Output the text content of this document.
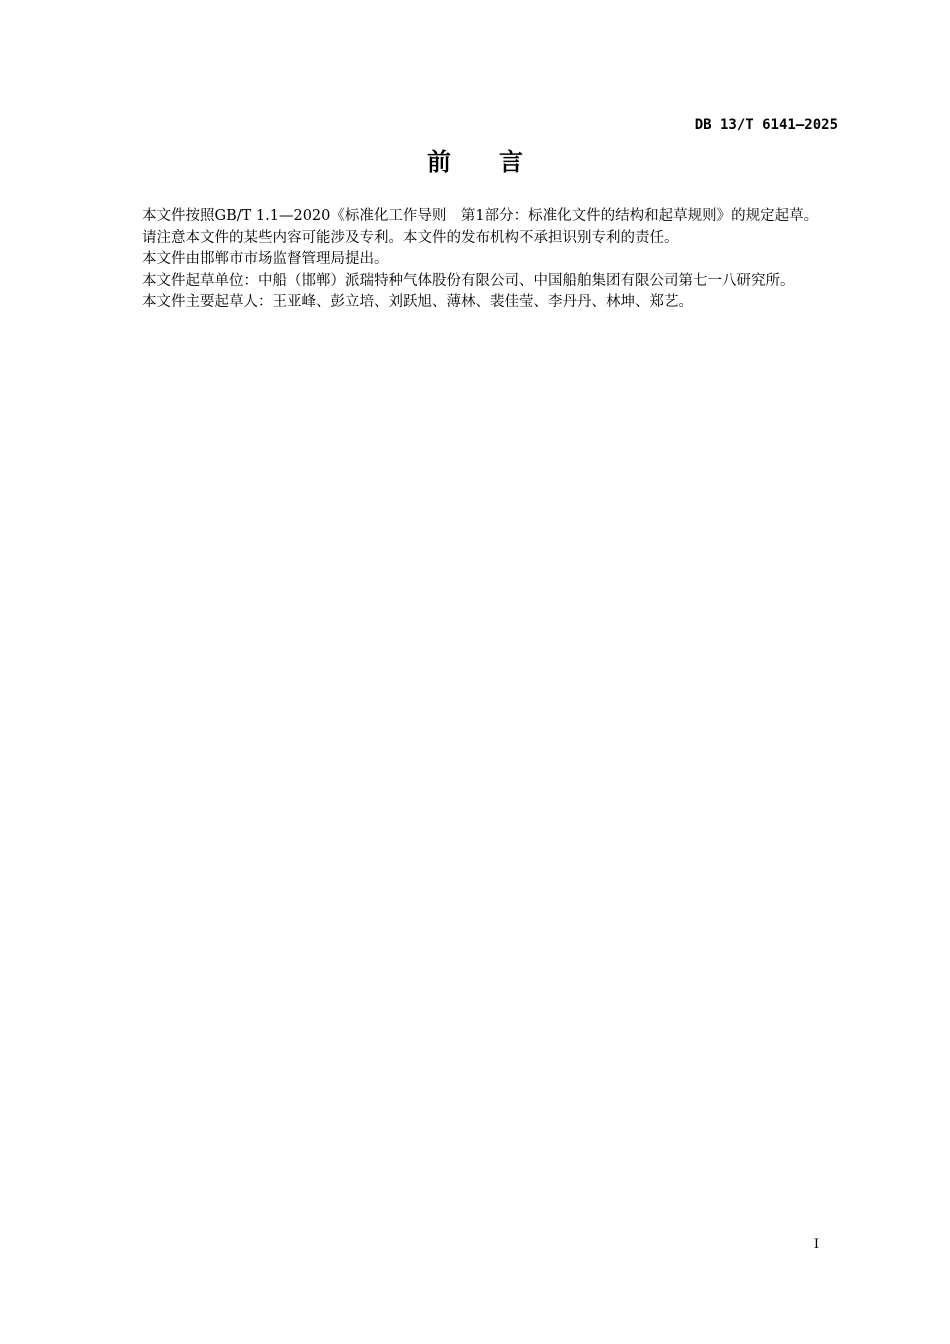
DB 13/T 6141—2025
前言

本文件按照GB/T 1.1—2020《标准化工作导则　第1部分：标准化文件的结构和起草规则》的规定起草。

请注意本文件的某些内容可能涉及专利。本文件的发布机构不承担识别专利的责任。

本文件由邯郸市市场监督管理局提出。

本文件起草单位：中船（邯郸）派瑞特种气体股份有限公司、中国船舶集团有限公司第七一八研究所。

本文件主要起草人：王亚峰、彭立培、刘跃旭、薄林、裴佳莹、李丹丹、林坤、郑艺。

I
